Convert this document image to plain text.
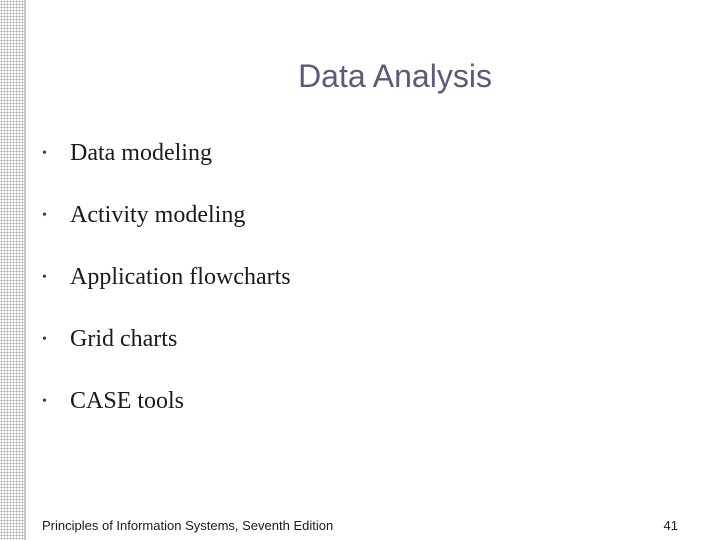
Data Analysis
• Data modeling
• Activity modeling
• Application flowcharts
• Grid charts
• CASE tools
Principles of Information Systems, Seventh Edition	41
